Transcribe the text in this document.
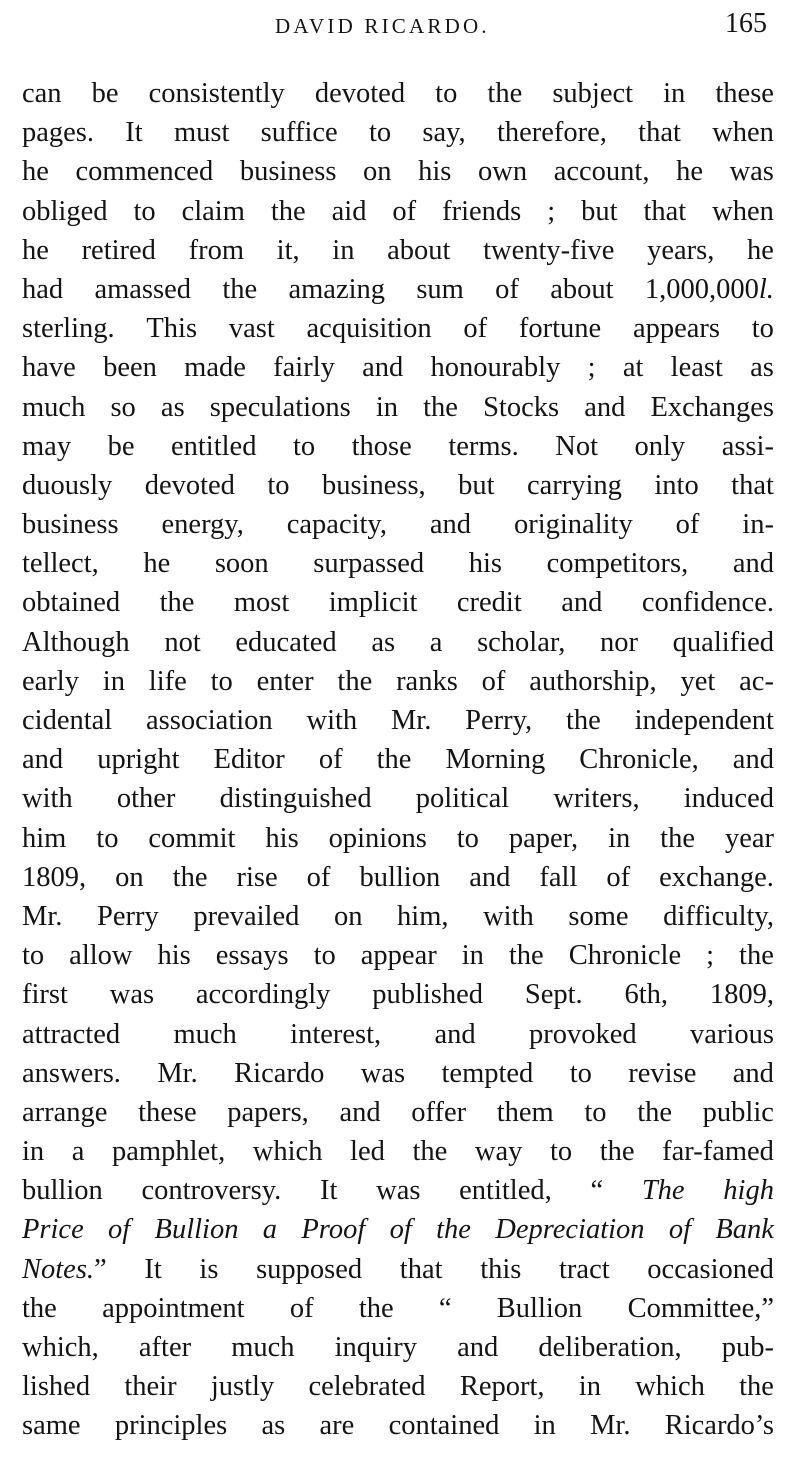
DAVID RICARDO.	165
can be consistently devoted to the subject in these
pages. It must suffice to say, therefore, that when
he commenced business on his own account, he was
obliged to claim the aid of friends ; but that when
he retired from it, in about twenty-five years, he
had amassed the amazing sum of about 1,000,000l.
sterling. This vast acquisition of fortune appears to
have been made fairly and honourably ; at least as
much so as speculations in the Stocks and Exchanges
may be entitled to those terms. Not only assi-
duously devoted to business, but carrying into that
business energy, capacity, and originality of in-
tellect, he soon surpassed his competitors, and
obtained the most implicit credit and confidence.
Although not educated as a scholar, nor qualified
early in life to enter the ranks of authorship, yet ac-
cidental association with Mr. Perry, the independent
and upright Editor of the Morning Chronicle, and
with other distinguished political writers, induced
him to commit his opinions to paper, in the year
1809, on the rise of bullion and fall of exchange.
Mr. Perry prevailed on him, with some difficulty,
to allow his essays to appear in the Chronicle ; the
first was accordingly published Sept. 6th, 1809,
attracted much interest, and provoked various
answers. Mr. Ricardo was tempted to revise and
arrange these papers, and offer them to the public
in a pamphlet, which led the way to the far-famed
bullion controversy. It was entitled, “ The high
Price of Bullion a Proof of the Depreciation of Bank
Notes.” It is supposed that this tract occasioned
the appointment of the “ Bullion Committee,”
which, after much inquiry and deliberation, pub-
lished their justly celebrated Report, in which the
same principles as are contained in Mr. Ricardo’s
